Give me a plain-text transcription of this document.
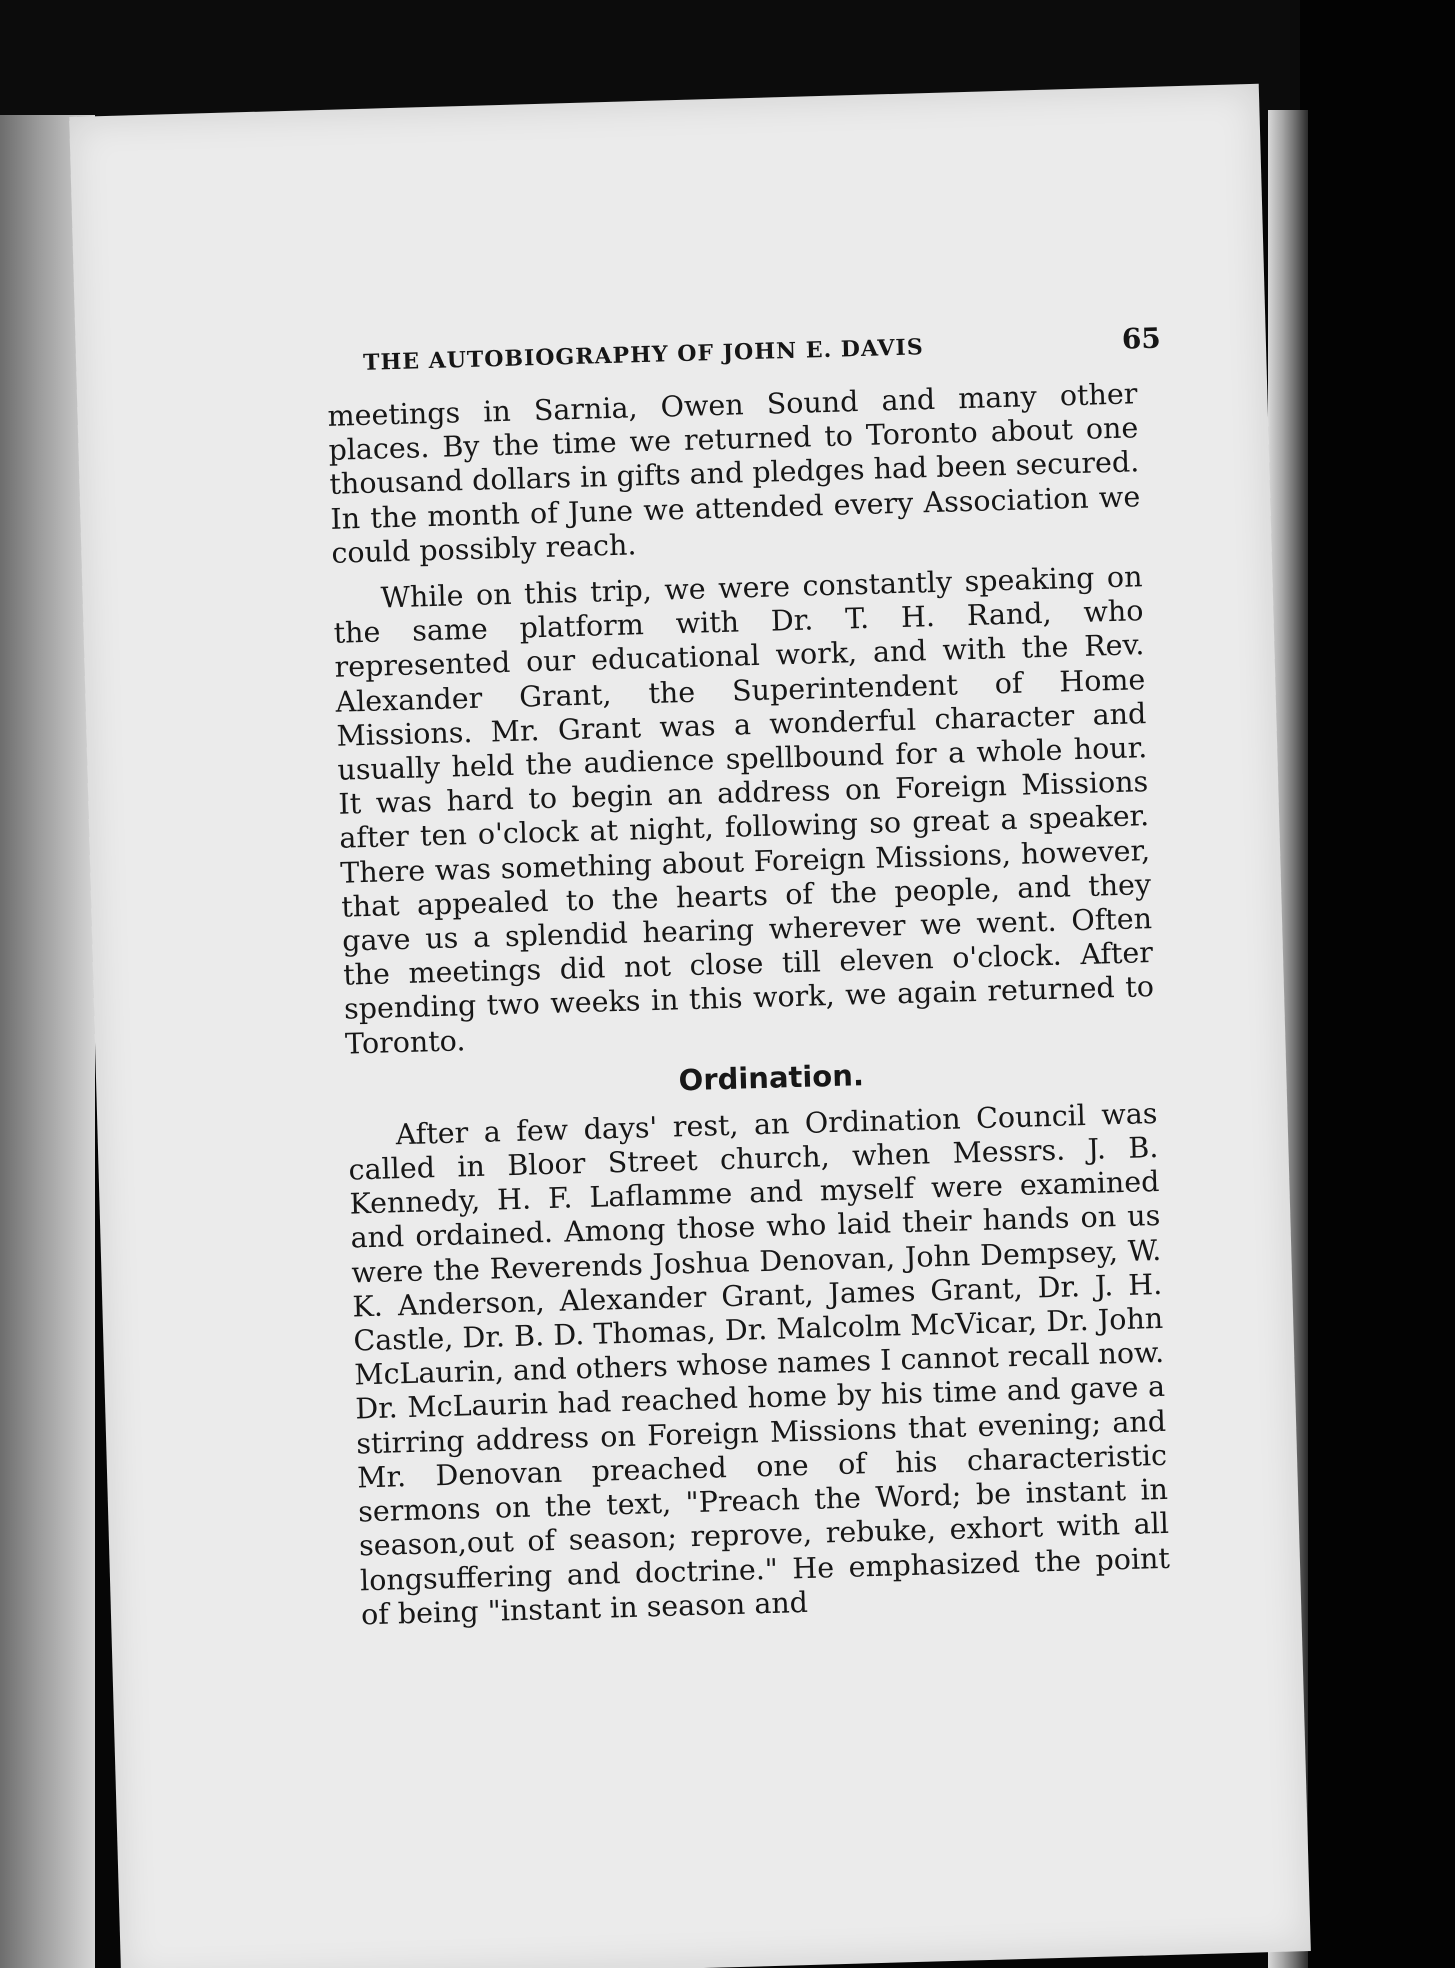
THE AUTOBIOGRAPHY OF JOHN E. DAVIS	65

meetings in Sarnia, Owen Sound and many other places. By the time we returned to Toronto about one thousand dollars in gifts and pledges had been secured. In the month of June we attended every Association we could possibly reach.

While on this trip, we were constantly speaking on the same platform with Dr. T. H. Rand, who represented our educational work, and with the Rev. Alexander Grant, the Superintendent of Home Missions. Mr. Grant was a wonderful character and usually held the audience spellbound for a whole hour. It was hard to begin an address on Foreign Missions after ten o'clock at night, following so great a speaker. There was something about Foreign Missions, however, that appealed to the hearts of the people, and they gave us a splendid hearing wherever we went. Often the meetings did not close till eleven o'clock. After spending two weeks in this work, we again returned to Toronto.

Ordination.

After a few days' rest, an Ordination Council was called in Bloor Street church, when Messrs. J. B. Kennedy, H. F. Laflamme and myself were examined and ordained. Among those who laid their hands on us were the Reverends Joshua Denovan, John Dempsey, W. K. Anderson, Alexander Grant, James Grant, Dr. J. H. Castle, Dr. B. D. Thomas, Dr. Malcolm McVicar, Dr. John McLaurin, and others whose names I cannot recall now. Dr. McLaurin had reached home by his time and gave a stirring address on Foreign Missions that evening; and Mr. Denovan preached one of his characteristic sermons on the text, "Preach the Word; be instant in season,out of season; reprove, rebuke, exhort with all longsuffering and doctrine." He emphasized the point of being "instant in season and
